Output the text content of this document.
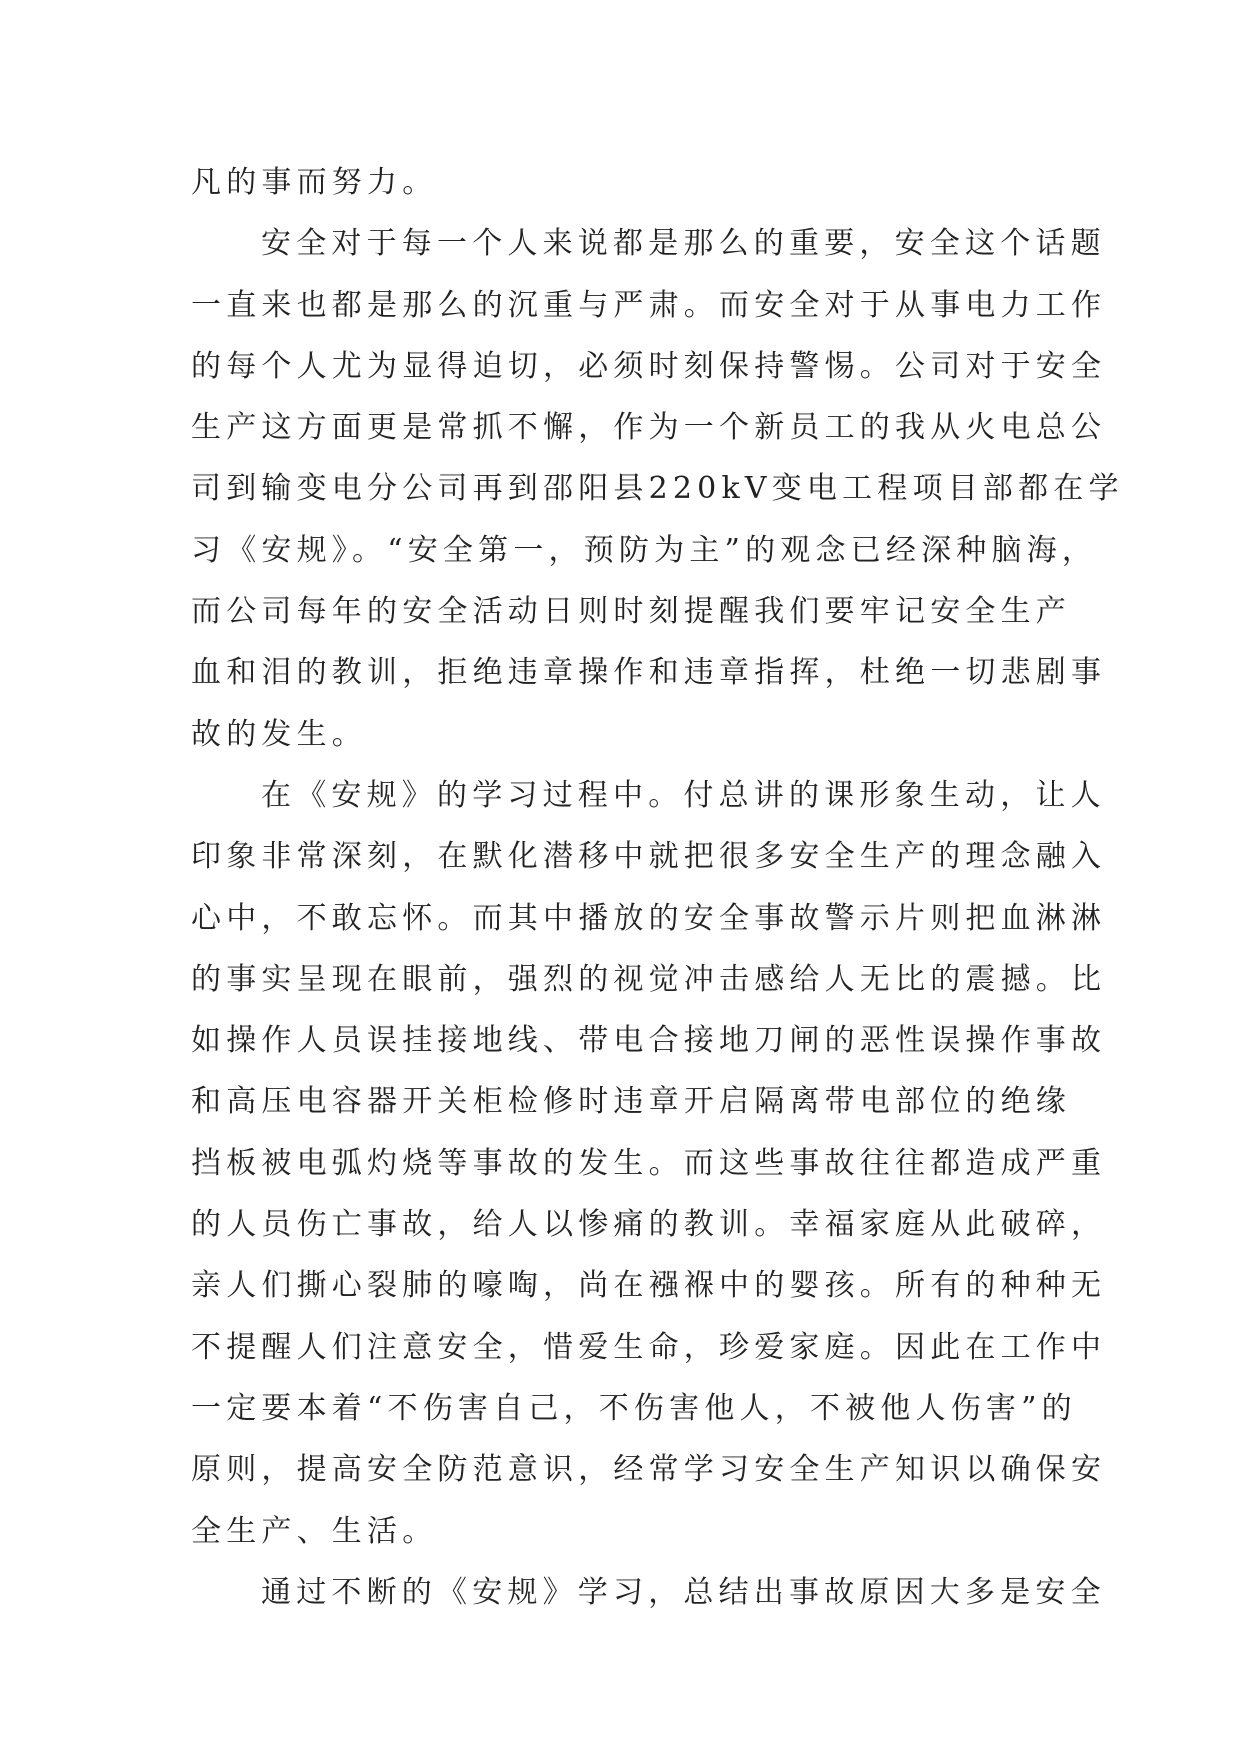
凡的事而努力。
安全对于每一个人来说都是那么的重要，安全这个话题
一直来也都是那么的沉重与严肃。而安全对于从事电力工作
的每个人尤为显得迫切，必须时刻保持警惕。公司对于安全
生产这方面更是常抓不懈，作为一个新员工的我从火电总公
司到输变电分公司再到邵阳县220kV变电工程项目部都在学
习《安规》。“安全第一，预防为主”的观念已经深种脑海，
而公司每年的安全活动日则时刻提醒我们要牢记安全生产
血和泪的教训，拒绝违章操作和违章指挥，杜绝一切悲剧事
故的发生。
在《安规》的学习过程中。付总讲的课形象生动，让人
印象非常深刻，在默化潜移中就把很多安全生产的理念融入
心中，不敢忘怀。而其中播放的安全事故警示片则把血淋淋
的事实呈现在眼前，强烈的视觉冲击感给人无比的震撼。比
如操作人员误挂接地线、带电合接地刀闸的恶性误操作事故
和高压电容器开关柜检修时违章开启隔离带电部位的绝缘
挡板被电弧灼烧等事故的发生。而这些事故往往都造成严重
的人员伤亡事故，给人以惨痛的教训。幸福家庭从此破碎，
亲人们撕心裂肺的嚎啕，尚在襁褓中的婴孩。所有的种种无
不提醒人们注意安全，惜爱生命，珍爱家庭。因此在工作中
一定要本着“不伤害自己，不伤害他人，不被他人伤害”的
原则，提高安全防范意识，经常学习安全生产知识以确保安
全生产、生活。
通过不断的《安规》学习，总结出事故原因大多是安全
